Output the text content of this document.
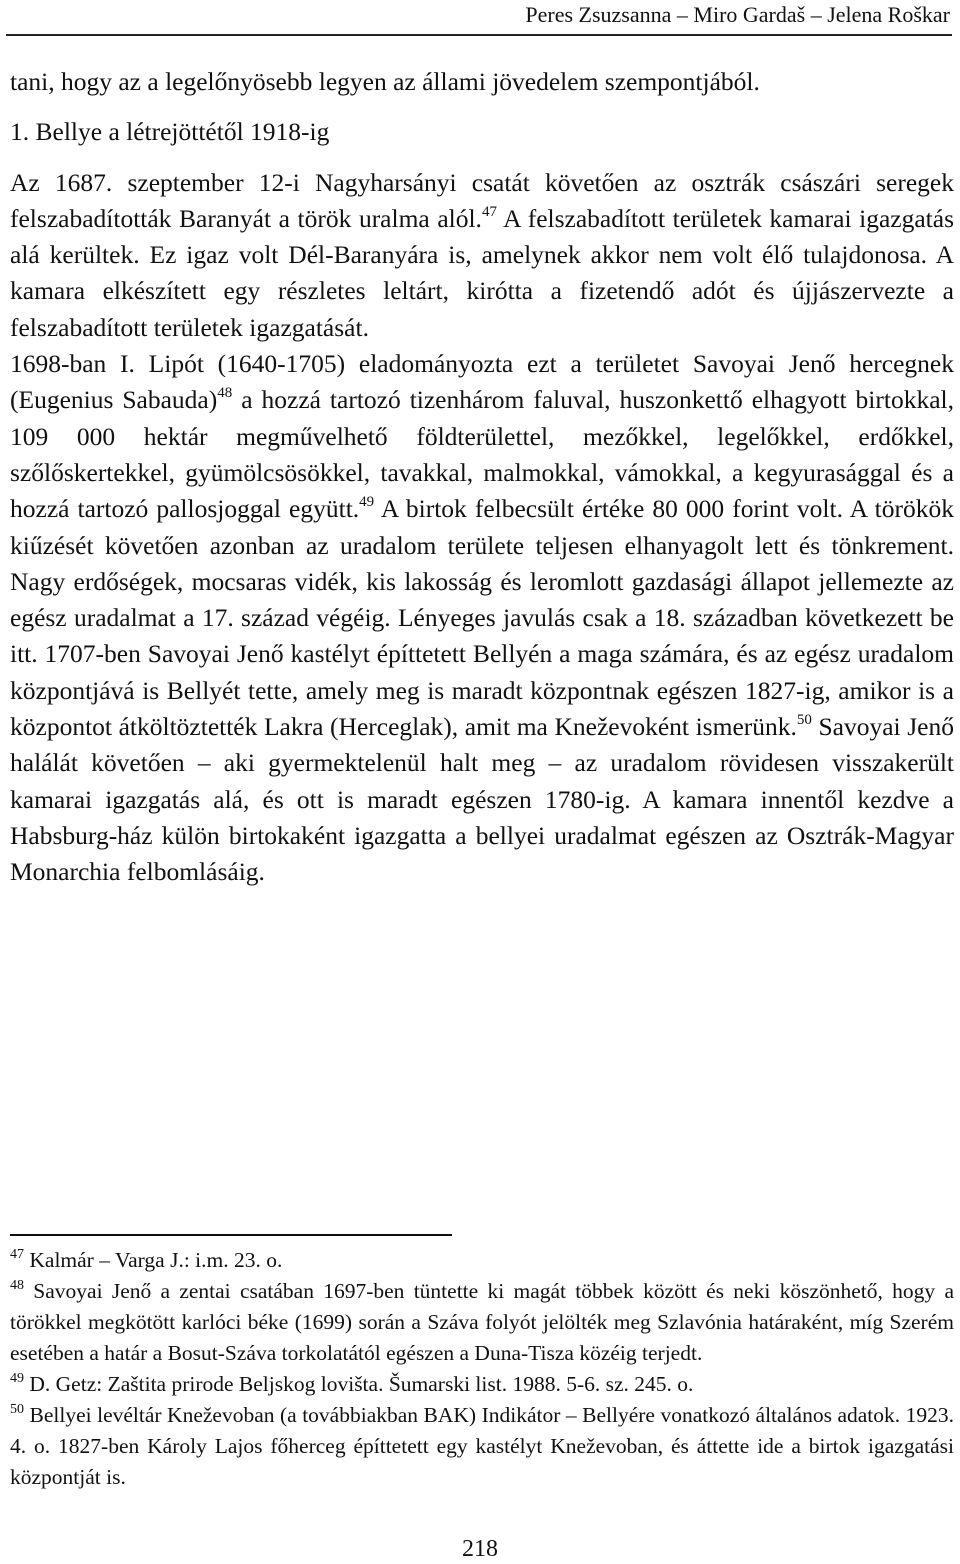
Peres Zsuzsanna – Miro Gardaš – Jelena Roškar

tani, hogy az a legelőnyösebb legyen az állami jövedelem szempontjából.

1. Bellye a létrejöttétől 1918-ig

Az 1687. szeptember 12-i Nagyharsányi csatát követően az osztrák császári seregek felszabadították Baranyát a török uralma alól.$^{47}$ A felszabadított területek kamarai igazgatás alá kerültek. Ez igaz volt Dél-Baranyára is, amelynek akkor nem volt élő tulajdonosa. A kamara elkészített egy részletes leltárt, kirótta a fizetendő adót és újjászervezte a felszabadított területek igazgatását.

1698-ban I. Lipót (1640-1705) eladományozta ezt a területet Savoyai Jenő hercegnek (Eugenius Sabauda)$^{48}$ a hozzá tartozó tizenhárom faluval, huszonkettő elhagyott birtokkal, 109 000 hektár megművelhető földterülettel, mezőkkel, legelőkkel, erdőkkel, szőlőskertekkel, gyümölcsösökkel, tavakkal, malmokkal, vámokkal, a kegyurasággal és a hozzá tartozó pallosjoggal együtt.$^{49}$ A birtok felbecsült értéke 80 000 forint volt. A törökök kiűzését követően azonban az uradalom területe teljesen elhanyagolt lett és tönkrement. Nagy erdőségek, mocsaras vidék, kis lakosság és leromlott gazdasági állapot jellemezte az egész uradalmat a 17. század végéig. Lényeges javulás csak a 18. században következett be itt. 1707-ben Savoyai Jenő kastélyt építtetett Bellyén a maga számára, és az egész uradalom központjává is Bellyét tette, amely meg is maradt központnak egészen 1827-ig, amikor is a központot átköltöztették Lakra (Herceglak), amit ma Kneževoként ismerünk.$^{50}$ Savoyai Jenő halálát követően – aki gyermektelenül halt meg – az uradalom rövidesen visszakerült kamarai igazgatás alá, és ott is maradt egészen 1780-ig. A kamara innentől kezdve a Habsburg-ház külön birtokaként igazgatta a bellyei uradalmat egészen az Osztrák-Magyar Monarchia felbomlásáig.

$^{47}$ Kalmár – Varga J.: i.m. 23. o.

$^{48}$ Savoyai Jenő a zentai csatában 1697-ben tüntette ki magát többek között és neki köszönhető, hogy a törökkel megkötött karlóci béke (1699) során a Száva folyót jelölték meg Szlavónia határaként, míg Szerém esetében a határ a Bosut-Száva torkolatától egészen a Duna-Tisza közéig terjedt.

$^{49}$ D. Getz: Zaštita prirode Beljskog lovišta. Šumarski list. 1988. 5-6. sz. 245. o.

$^{50}$ Bellyei levéltár Kneževoban (a továbbiakban BAK) Indikátor – Bellyére vonatkozó általános adatok. 1923. 4. o. 1827-ben Károly Lajos főherceg építtetett egy kastélyt Kneževoban, és áttette ide a birtok igazgatási központját is.

218
